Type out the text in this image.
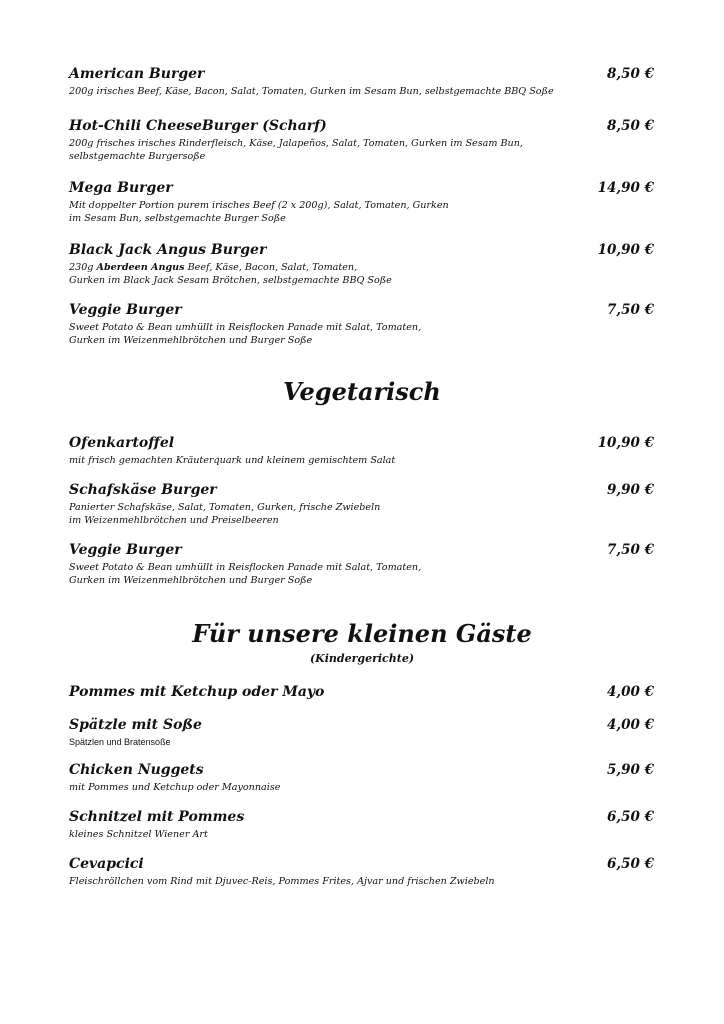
American Burger	8,50 €
200g irisches Beef, Käse, Bacon, Salat, Tomaten, Gurken im Sesam Bun, selbstgemachte BBQ Soße
Hot-Chili CheeseBurger (Scharf)	8,50 €
200g frisches irisches Rinderfleisch, Käse, Jalapeños, Salat, Tomaten, Gurken im Sesam Bun,
selbstgemachte Burgersoße
Mega Burger	14,90 €
Mit doppelter Portion purem irisches Beef (2 x 200g), Salat, Tomaten, Gurken
im Sesam Bun, selbstgemachte Burger Soße
Black Jack Angus Burger	10,90 €
230g Aberdeen Angus Beef, Käse, Bacon, Salat, Tomaten,
Gurken im Black Jack Sesam Brötchen, selbstgemachte BBQ Soße
Veggie Burger	7,50 €
Sweet Potato & Bean umhüllt in Reisflocken Panade mit Salat, Tomaten,
Gurken im Weizenmehlbrötchen und Burger Soße
Vegetarisch
Ofenkartoffel	10,90 €
mit frisch gemachten Kräuterquark und kleinem gemischtem Salat
Schafskäse Burger	9,90 €
Panierter Schafskäse, Salat, Tomaten, Gurken, frische Zwiebeln
im Weizenmehlbrötchen und Preiselbeeren
Veggie Burger	7,50 €
Sweet Potato & Bean umhüllt in Reisflocken Panade mit Salat, Tomaten,
Gurken im Weizenmehlbrötchen und Burger Soße
Für unsere kleinen Gäste
(Kindergerichte)
Pommes mit Ketchup oder Mayo	4,00 €
Spätzle mit Soße	4,00 €
Spätzlen und Bratensoße
Chicken Nuggets	5,90 €
mit Pommes und Ketchup oder Mayonnaise
Schnitzel mit Pommes	6,50 €
kleines Schnitzel Wiener Art
Cevapcici	6,50 €
Fleischröllchen vom Rind mit Djuvec-Reis, Pommes Frites, Ajvar und frischen Zwiebeln
